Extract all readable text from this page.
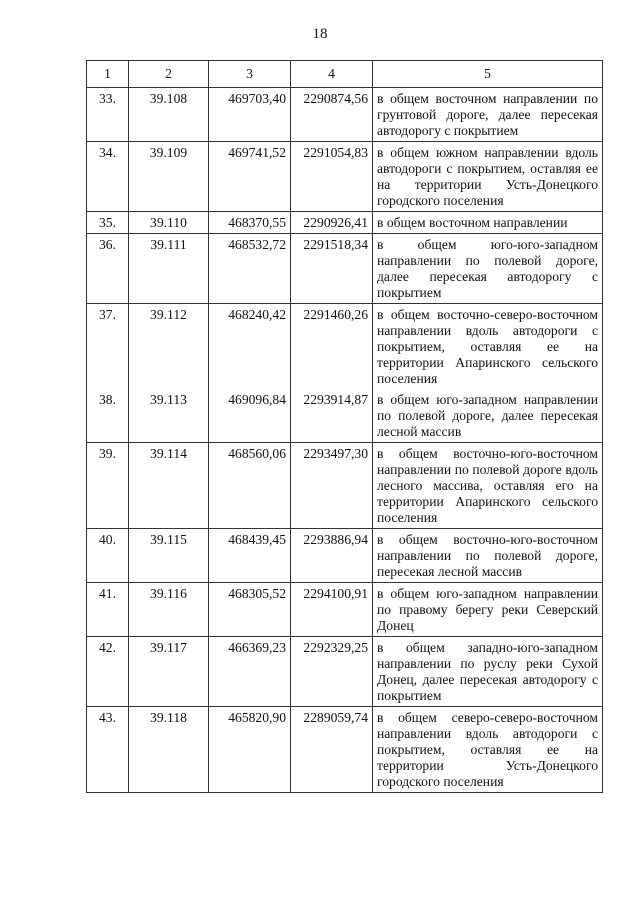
18
1	2	3	4	5
33.	39.108	469703,40	2290874,56	в общем восточном направлении по грунтовой дороге, далее пересекая автодорогу с покрытием
34.	39.109	469741,52	2291054,83	в общем южном направлении вдоль автодороги с покрытием, оставляя ее на территории Усть-Донецкого городского поселения
35.	39.110	468370,55	2290926,41	в общем восточном направлении
36.	39.111	468532,72	2291518,34	в общем юго-юго-западном направлении по полевой дороге, далее пересекая автодорогу с покрытием
37.	39.112	468240,42	2291460,26	в общем восточно-северо-восточном направлении вдоль автодороги с покрытием, оставляя ее на территории Апаринского сельского поселения
38.	39.113	469096,84	2293914,87	в общем юго-западном направлении по полевой дороге, далее пересекая лесной массив
39.	39.114	468560,06	2293497,30	в общем восточно-юго-восточном направлении по полевой дороге вдоль лесного массива, оставляя его на территории Апаринского сельского поселения
40.	39.115	468439,45	2293886,94	в общем восточно-юго-восточном направлении по полевой дороге, пересекая лесной массив
41.	39.116	468305,52	2294100,91	в общем юго-западном направлении по правому берегу реки Северский Донец
42.	39.117	466369,23	2292329,25	в общем западно-юго-западном направлении по руслу реки Сухой Донец, далее пересекая автодорогу с покрытием
43.	39.118	465820,90	2289059,74	в общем северо-северо-восточном направлении вдоль автодороги с покрытием, оставляя ее на территории Усть-Донецкого городского поселения
